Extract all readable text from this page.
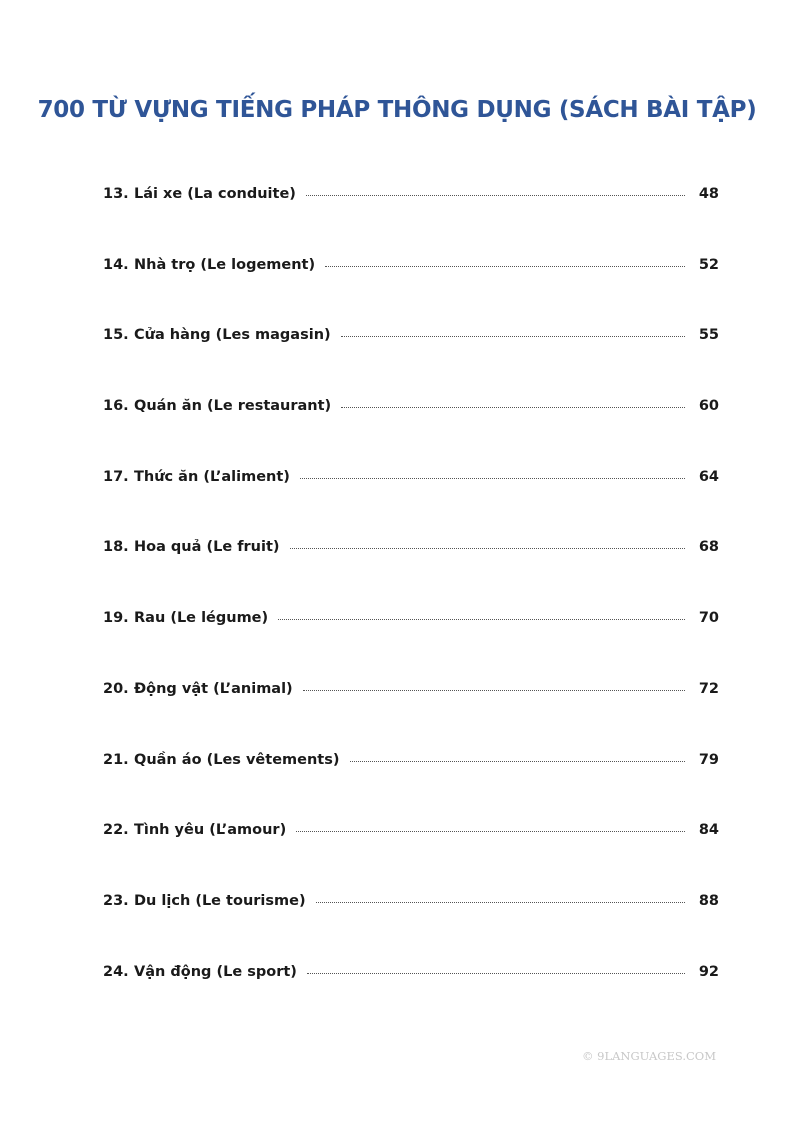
700 TỪ VỰNG TIẾNG PHÁP THÔNG DỤNG (SÁCH BÀI TẬP)
13. Lái xe (La conduite)	48
14. Nhà trọ (Le logement)	52
15. Cửa hàng (Les magasin)	55
16. Quán ăn (Le restaurant)	60
17. Thức ăn (L’aliment)	64
18. Hoa quả (Le fruit)	68
19. Rau (Le légume)	70
20. Động vật (L’animal)	72
21. Quần áo (Les vêtements)	79
22. Tình yêu (L’amour)	84
23. Du lịch (Le tourisme)	88
24. Vận động (Le sport)	92
© 9LANGUAGES.COM
